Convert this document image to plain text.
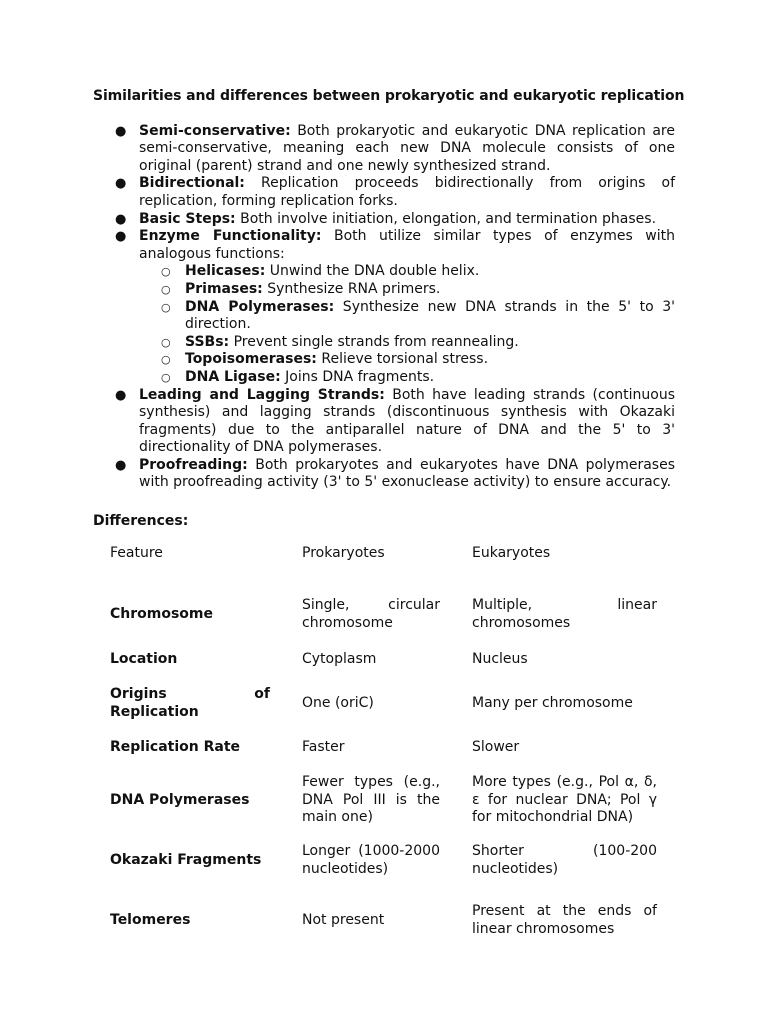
Similarities and differences between prokaryotic and eukaryotic replication
● Semi-conservative: Both prokaryotic and eukaryotic DNA replication are semi-conservative, meaning each new DNA molecule consists of one original (parent) strand and one newly synthesized strand.
● Bidirectional: Replication proceeds bidirectionally from origins of replication, forming replication forks.
● Basic Steps: Both involve initiation, elongation, and termination phases.
● Enzyme Functionality: Both utilize similar types of enzymes with analogous functions:
○ Helicases: Unwind the DNA double helix.
○ Primases: Synthesize RNA primers.
○ DNA Polymerases: Synthesize new DNA strands in the 5' to 3' direction.
○ SSBs: Prevent single strands from reannealing.
○ Topoisomerases: Relieve torsional stress.
○ DNA Ligase: Joins DNA fragments.
● Leading and Lagging Strands: Both have leading strands (continuous synthesis) and lagging strands (discontinuous synthesis with Okazaki fragments) due to the antiparallel nature of DNA and the 5' to 3' directionality of DNA polymerases.
● Proofreading: Both prokaryotes and eukaryotes have DNA polymerases with proofreading activity (3' to 5' exonuclease activity) to ensure accuracy.
Differences:
Feature	Prokaryotes	Eukaryotes
Chromosome	Single, circular chromosome	Multiple, linear chromosomes

Location	Cytoplasm	Nucleus
Origins of Replication	One (oriC)	Many per chromosome
Replication Rate	Faster	Slower
DNA Polymerases	Fewer types (e.g., DNA Pol III is the main one)	More types (e.g., Pol α, δ, ε for nuclear DNA; Pol γ for mitochondrial DNA)
Okazaki Fragments	Longer (1000-2000 nucleotides)	Shorter (100-200 nucleotides)
Telomeres	Not present	Present at the ends of linear chromosomes
